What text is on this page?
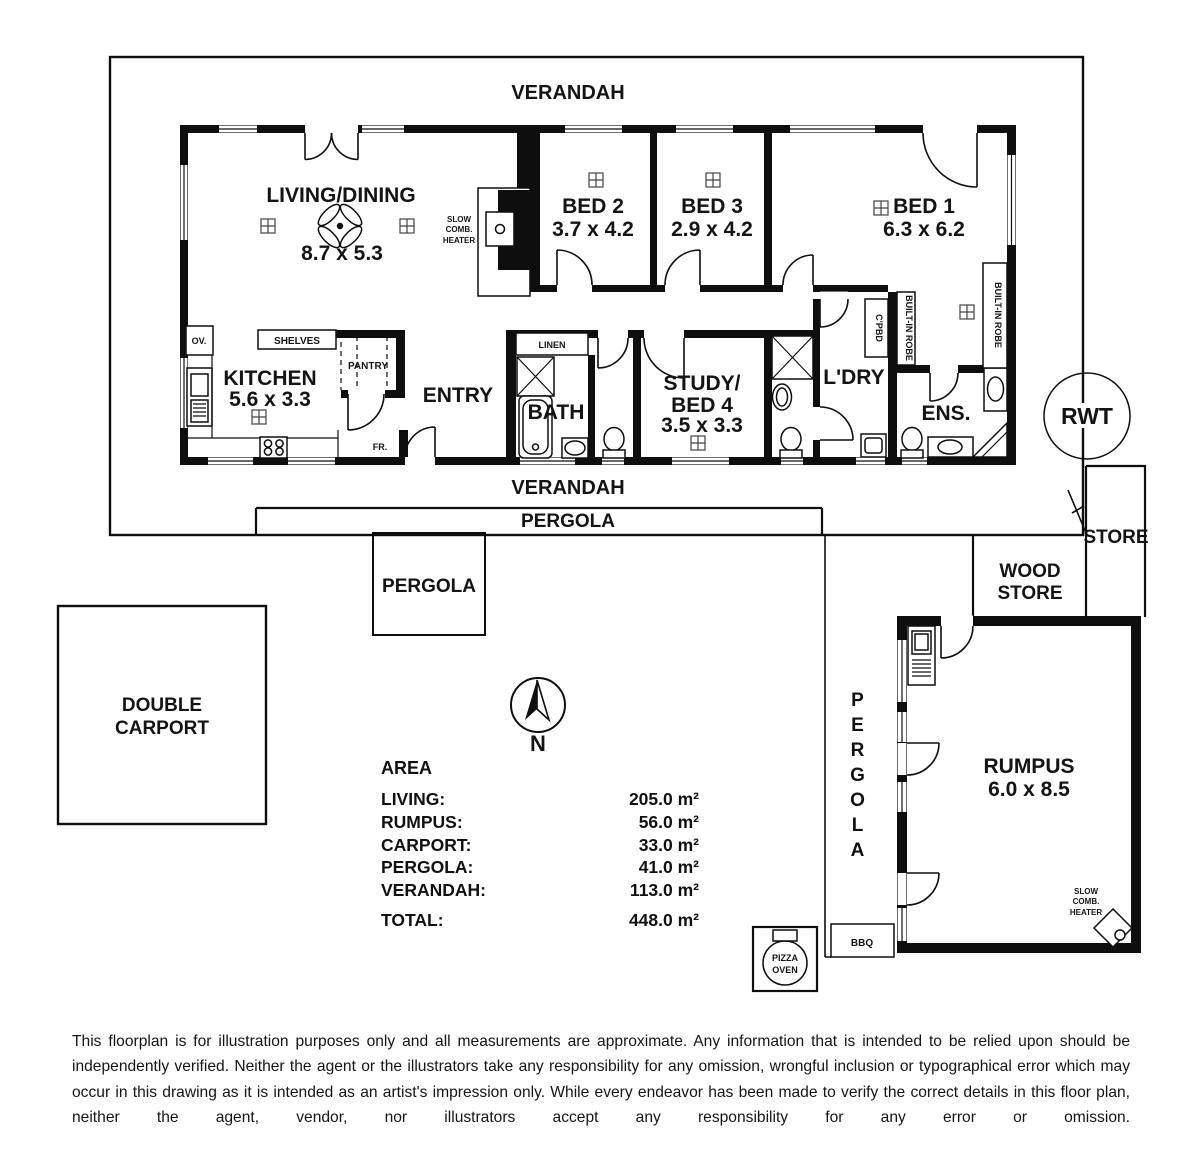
VERANDAH
VERANDAH
PERGOLA
PERGOLA
DOUBLE
CARPORT
WOOD
STORE
STORE
RWT
BBQ
PIZZA
OVEN
N
LIVING/DINING
8.7 x 5.3
BED 2
3.7 x 4.2
BED 3
2.9 x 4.2
BED 1
6.3 x 6.2
KITCHEN
5.6 x 3.3	ENTRY
BATH
STUDY/
BED 4
3.5 x 3.3
L'DRY
ENS.
RUMPUS
6.0 x 8.5
SLOW
COMB.
HEATER
SLOW
COMB.
HEATER
SHELVES
PANTRY
LINEN
OV.
FR.
C'PBD BUILT-IN ROBE	BUILT-IN ROBE
PERGOLA
AREA
LIVING:	205.0 m²
RUMPUS:	56.0 m²
CARPORT:	33.0 m²
PERGOLA:	41.0 m²
VERANDAH:	113.0 m²
TOTAL:	448.0 m²
This floorplan is for illustration purposes only and all measurements are approximate. Any information that is intended to be relied upon should be independently verified. Neither the agent or the illustrators take any responsibility for any omission, wrongful inclusion or typographical error which may occur in this drawing as it is intended as an artist's impression only. While every endeavor has been made to verify the correct details in this floor plan, neither the agent, vendor, nor illustrators accept any responsibility for any error or omission.
